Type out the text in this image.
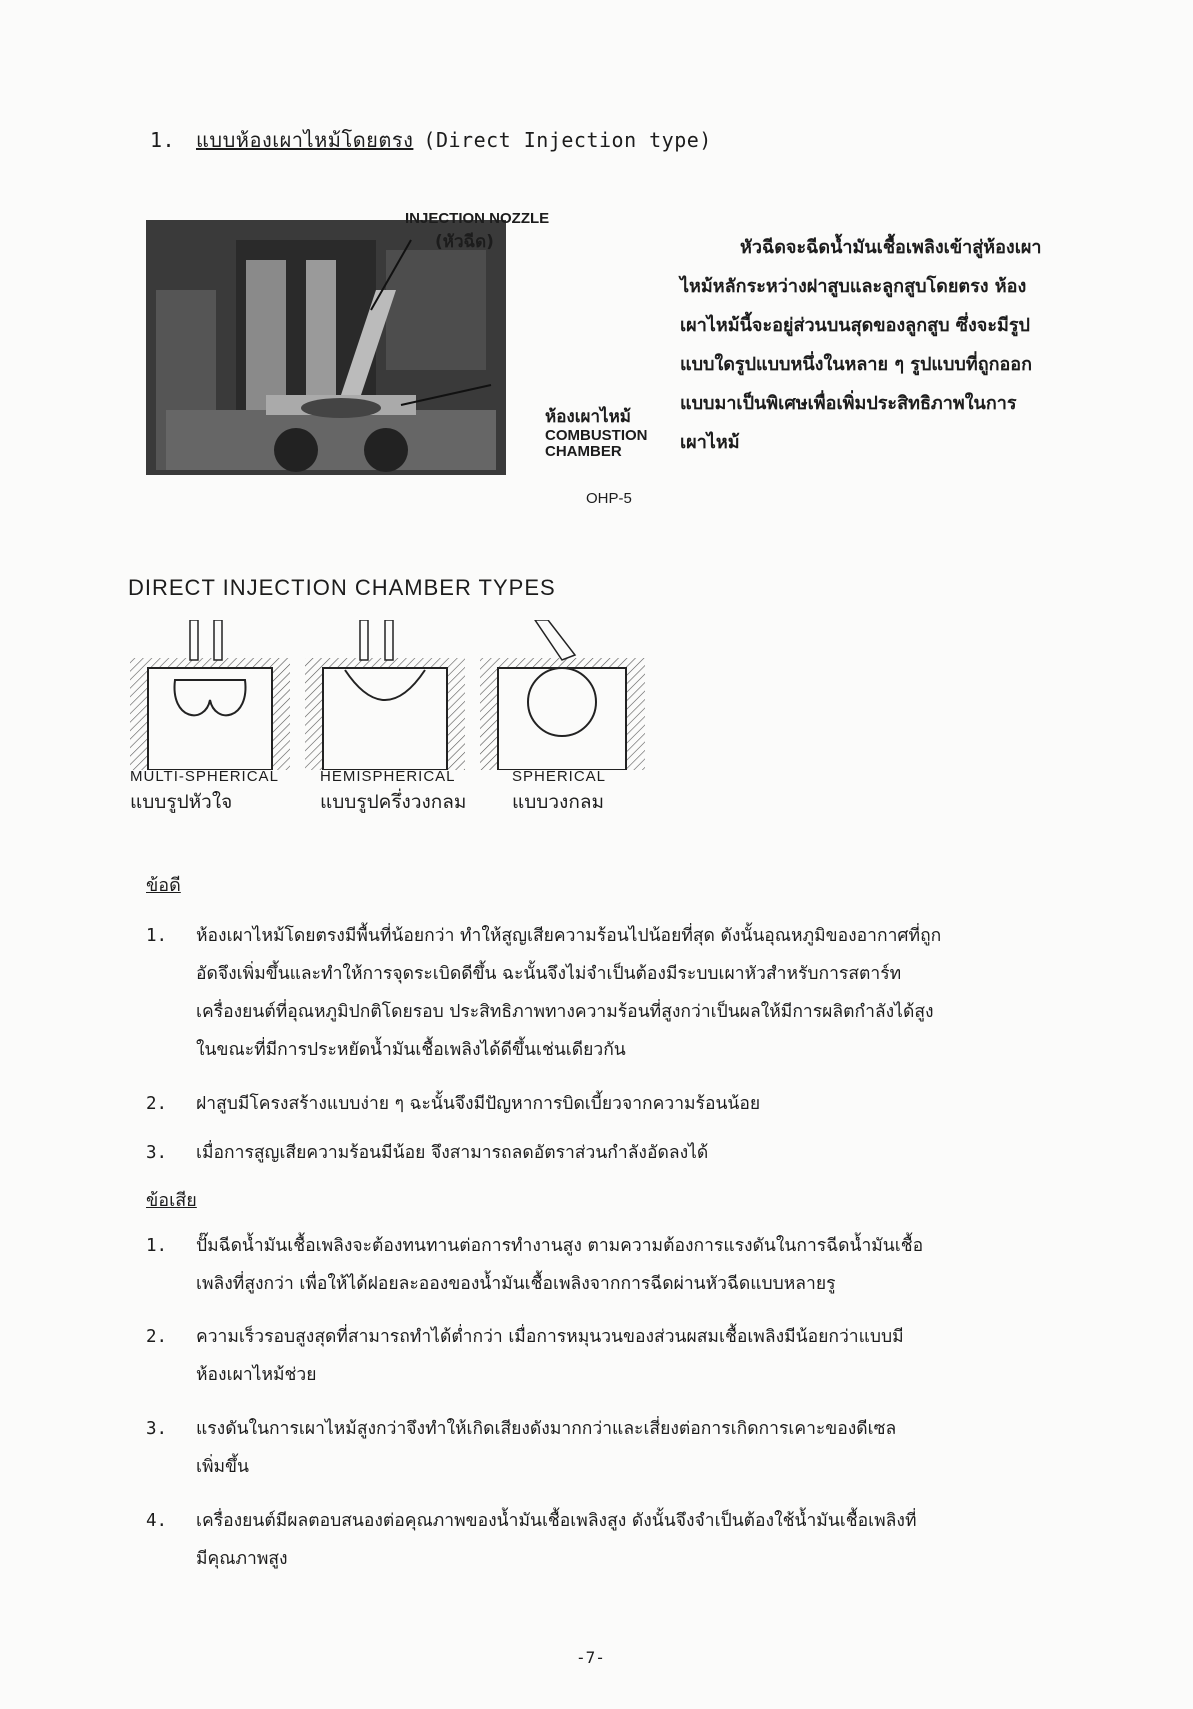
1. แบบห้องเผาไหม้โดยตรง (Direct Injection type)
INJECTION NOZZLE
(หัวฉีด)
ห้องเผาไหม้
COMBUSTION
CHAMBER
OHP-5

หัวฉีดจะฉีดน้ำมันเชื้อเพลิงเข้าสู่ห้องเผา

ไหม้หลักระหว่างฝาสูบและลูกสูบโดยตรง ห้อง

เผาไหม้นี้จะอยู่ส่วนบนสุดของลูกสูบ ซึ่งจะมีรูป

แบบใดรูปแบบหนึ่งในหลาย ๆ รูปแบบที่ถูกออก

แบบมาเป็นพิเศษเพื่อเพิ่มประสิทธิภาพในการ

เผาไหม้

DIRECT INJECTION CHAMBER TYPES
MULTI-SPHERICAL
แบบรูปหัวใจ
HEMISPHERICAL
แบบรูปครึ่งวงกลม
SPHERICAL
แบบวงกลม
ข้อดี
1. ห้องเผาไหม้โดยตรงมีพื้นที่น้อยกว่า ทำให้สูญเสียความร้อนไปน้อยที่สุด ดังนั้นอุณหภูมิของอากาศที่ถูก
อัดจึงเพิ่มขึ้นและทำให้การจุดระเบิดดีขึ้น ฉะนั้นจึงไม่จำเป็นต้องมีระบบเผาหัวสำหรับการสตาร์ท
เครื่องยนต์ที่อุณหภูมิปกติโดยรอบ ประสิทธิภาพทางความร้อนที่สูงกว่าเป็นผลให้มีการผลิตกำลังได้สูง
ในขณะที่มีการประหยัดน้ำมันเชื้อเพลิงได้ดีขึ้นเช่นเดียวกัน
2. ฝาสูบมีโครงสร้างแบบง่าย ๆ ฉะนั้นจึงมีปัญหาการบิดเบี้ยวจากความร้อนน้อย
3. เมื่อการสูญเสียความร้อนมีน้อย จึงสามารถลดอัตราส่วนกำลังอัดลงได้
ข้อเสีย
1. ปั๊มฉีดน้ำมันเชื้อเพลิงจะต้องทนทานต่อการทำงานสูง ตามความต้องการแรงดันในการฉีดน้ำมันเชื้อ
เพลิงที่สูงกว่า เพื่อให้ได้ฝอยละอองของน้ำมันเชื้อเพลิงจากการฉีดผ่านหัวฉีดแบบหลายรู
2. ความเร็วรอบสูงสุดที่สามารถทำได้ต่ำกว่า เมื่อการหมุนวนของส่วนผสมเชื้อเพลิงมีน้อยกว่าแบบมี
ห้องเผาไหม้ช่วย
3. แรงดันในการเผาไหม้สูงกว่าจึงทำให้เกิดเสียงดังมากกว่าและเสี่ยงต่อการเกิดการเคาะของดีเซล
เพิ่มขึ้น
4. เครื่องยนต์มีผลตอบสนองต่อคุณภาพของน้ำมันเชื้อเพลิงสูง ดังนั้นจึงจำเป็นต้องใช้น้ำมันเชื้อเพลิงที่
มีคุณภาพสูง
-7-
